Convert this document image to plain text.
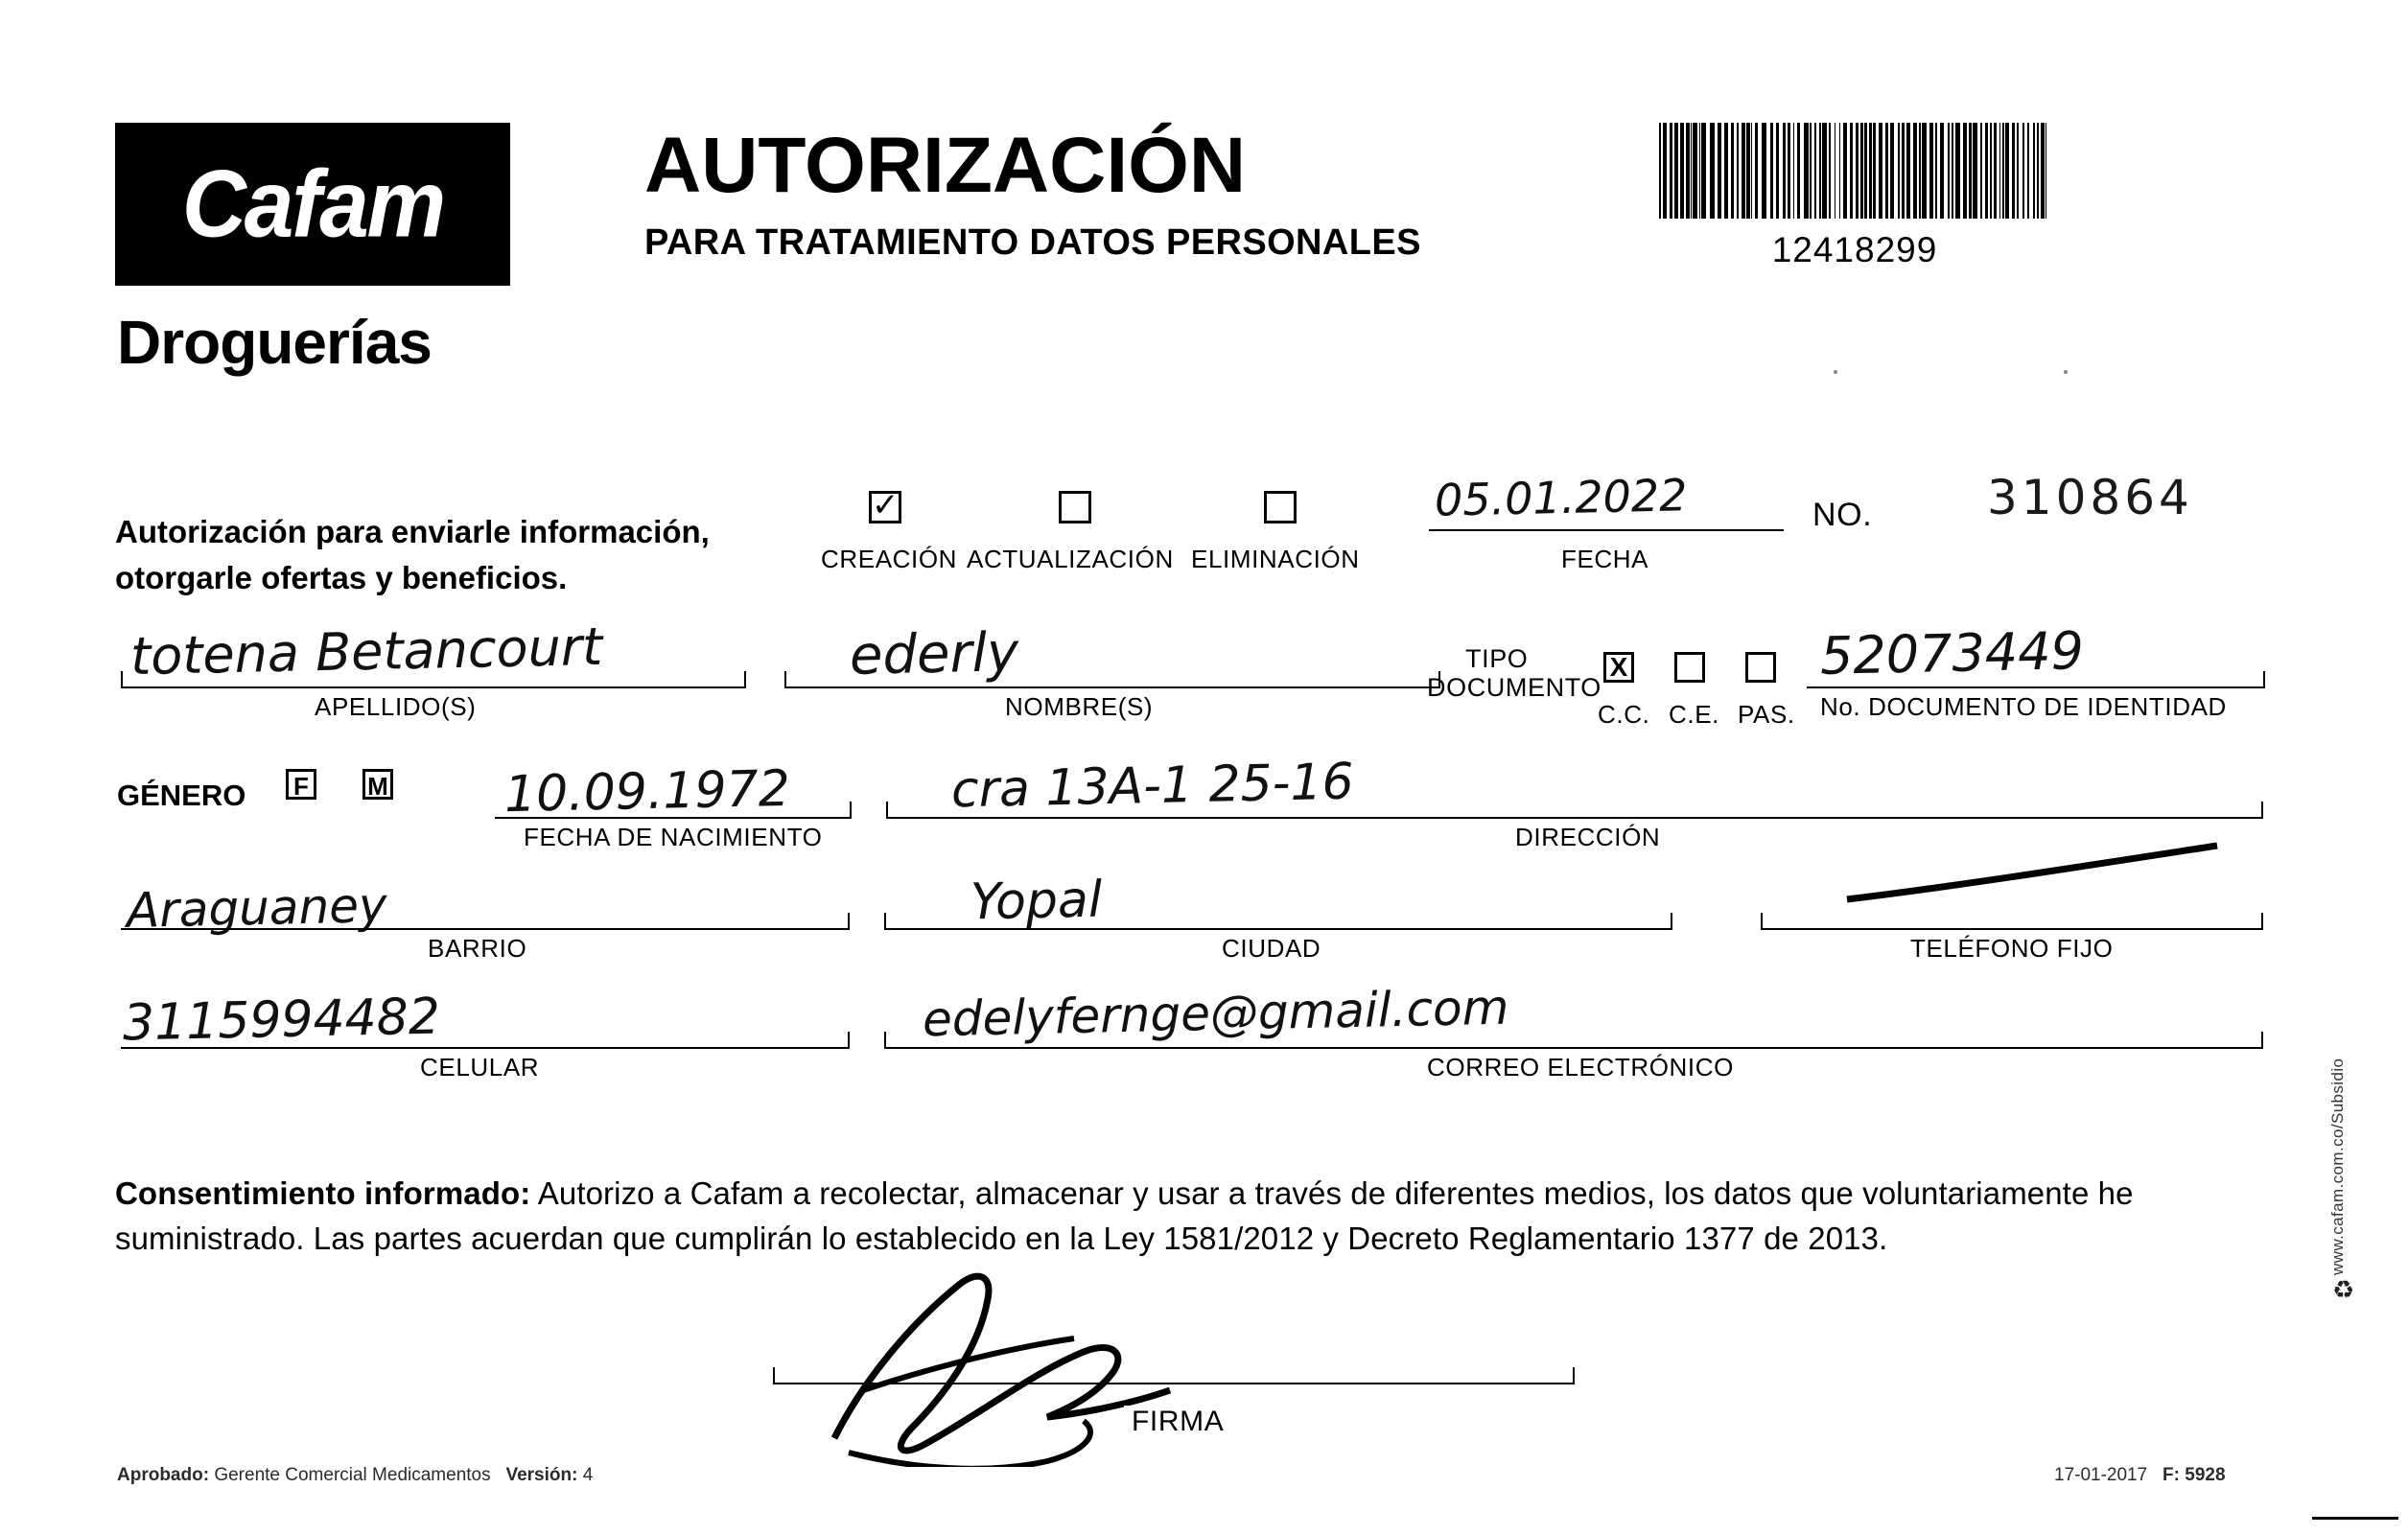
Cafam
Droguerías
AUTORIZACIÓN
PARA TRATAMIENTO DATOS PERSONALES	12418299
Autorización para enviarle información,
otorgarle ofertas y beneficios.
✓
CREACIÓN ACTUALIZACIÓN ELIMINACIÓN
05.01.2022
FECHA
NO. 310864
totena Betancourt
APELLIDO(S)
ederly
NOMBRE(S)
TIPO
DOCUMENTO
X
C.C. C.E. PAS.
52073449
No. DOCUMENTO DE IDENTIDAD
GÉNERO F M 10.09.1972
FECHA DE NACIMIENTO
cra 13A-1 25-16
DIRECCIÓN
Araguaney
BARRIO
Yopal
CIUDAD	TELÉFONO FIJO
3115994482
CELULAR
edelyfernge@gmail.com
CORREO ELECTRÓNICO
Consentimiento informado: Autorizo a Cafam a recolectar, almacenar y usar a través de diferentes medios, los datos que voluntariamente he suministrado. Las partes acuerdan que cumplirán lo establecido en la Ley 1581/2012 y Decreto Reglamentario 1377 de 2013.
FIRMA
Aprobado: Gerente Comercial Medicamentos Versión: 4	17-01-2017 F: 5928
♻
www.cafam.com.co/Subsidio
